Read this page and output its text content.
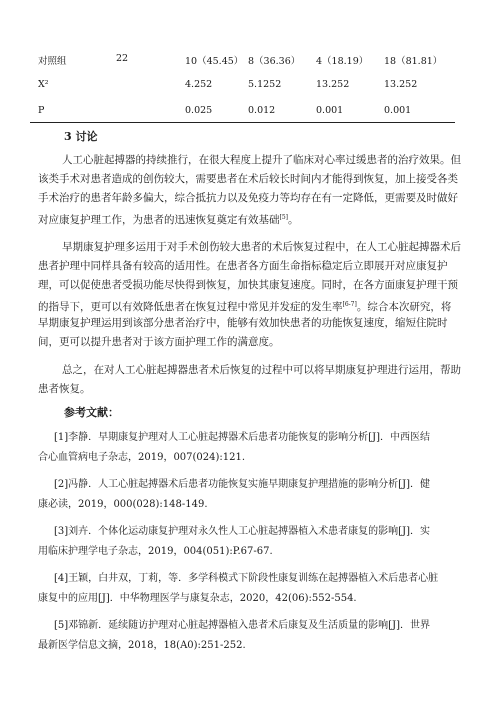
对照组	22	10（45.45） 8（36.36） 4（18.19） 18（81.81）
X²	4.252	5.1252	13.252	13.252
P	0.025	0.012	0.001	0.001
3 讨论
人工心脏起搏器的持续推行，在很大程度上提升了临床对心率过缓患者的治疗效果。但
该类手术对患者造成的创伤较大，需要患者在术后较长时间内才能得到恢复，加上接受各类
手术治疗的患者年龄多偏大，综合抵抗力以及免疫力等均存在有一定降低，更需要及时做好
对应康复护理工作，为患者的迅速恢复奠定有效基础[5]。
早期康复护理多运用于对手术创伤较大患者的术后恢复过程中，在人工心脏起搏器术后
患者护理中同样具备有较高的适用性。在患者各方面生命指标稳定后立即展开对应康复护
理，可以促使患者受损功能尽快得到恢复，加快其康复速度。同时，在各方面康复护理干预
的指导下，更可以有效降低患者在恢复过程中常见并发症的发生率[6-7]。综合本次研究，将
早期康复护理运用到该部分患者治疗中，能够有效加快患者的功能恢复速度，缩短住院时
间，更可以提升患者对于该方面护理工作的满意度。
总之，在对人工心脏起搏器患者术后恢复的过程中可以将早期康复护理进行运用，帮助
患者恢复。
参考文献：
[1]李静．早期康复护理对人工心脏起搏器术后患者功能恢复的影响分析[J]．中西医结
合心血管病电子杂志，2019，007(024):121.
[2]冯静．人工心脏起搏器术后患者功能恢复实施早期康复护理措施的影响分析[J]．健
康必读，2019，000(028):148-149.
[3]刘卉．个体化运动康复护理对永久性人工心脏起搏器植入术患者康复的影响[J]．实
用临床护理学电子杂志，2019，004(051):P.67-67.
[4]王颖，白井双，丁莉，等．多学科模式下阶段性康复训练在起搏器植入术后患者心脏
康复中的应用[J]．中华物理医学与康复杂志，2020，42(06):552-554.
[5]邓锦新．延续随访护理对心脏起搏器植入患者术后康复及生活质量的影响[J]．世界
最新医学信息文摘，2018，18(A0):251-252.
